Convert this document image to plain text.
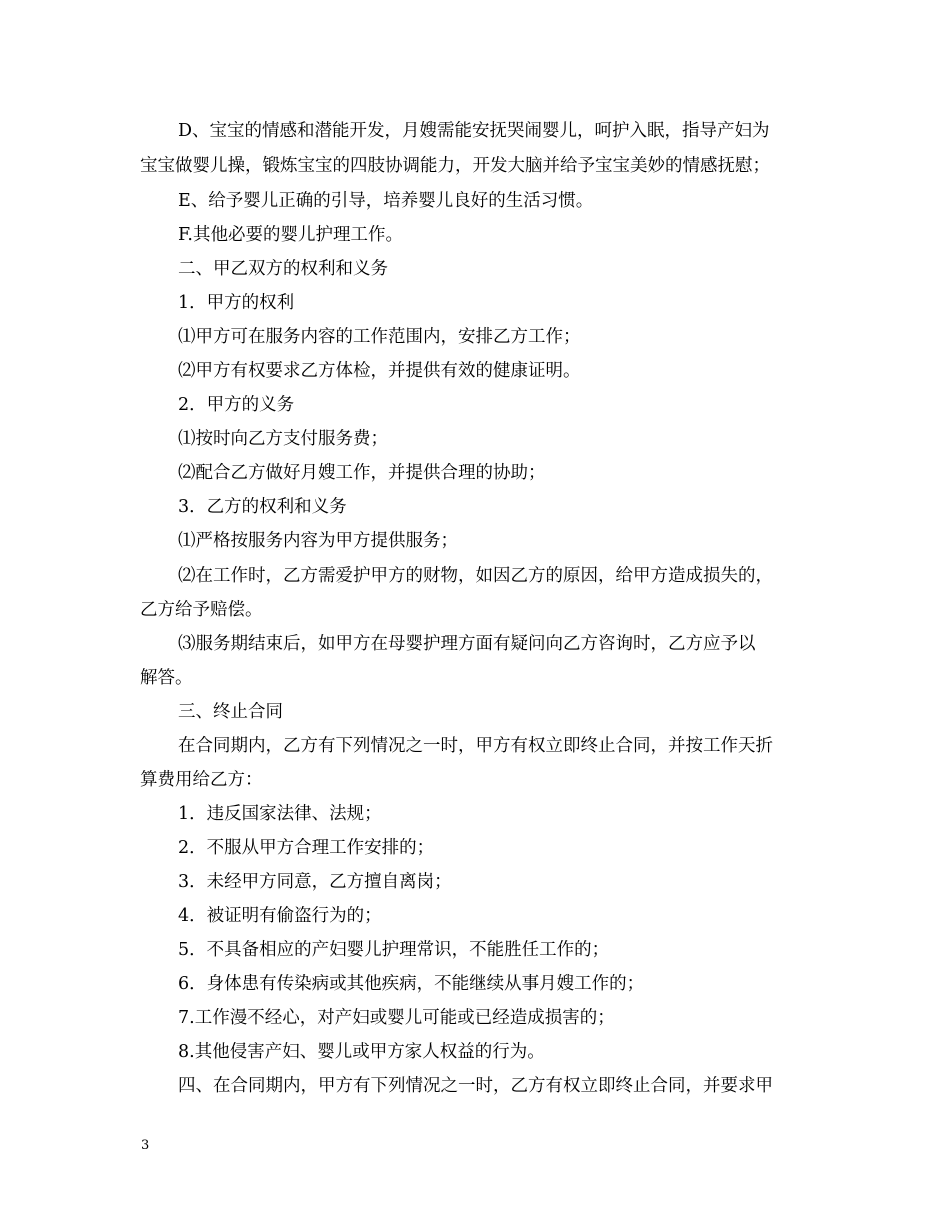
D、宝宝的情感和潜能开发，月嫂需能安抚哭闹婴儿，呵护入眠，指导产妇为
宝宝做婴儿操，锻炼宝宝的四肢协调能力，开发大脑并给予宝宝美妙的情感抚慰；
E、给予婴儿正确的引导，培养婴儿良好的生活习惯。
F.其他必要的婴儿护理工作。
二、甲乙双方的权利和义务
1．甲方的权利
⑴甲方可在服务内容的工作范围内，安排乙方工作；
⑵甲方有权要求乙方体检，并提供有效的健康证明。
2．甲方的义务
⑴按时向乙方支付服务费；
⑵配合乙方做好月嫂工作，并提供合理的协助；
3．乙方的权利和义务
⑴严格按服务内容为甲方提供服务；
⑵在工作时，乙方需爱护甲方的财物，如因乙方的原因，给甲方造成损失的，
乙方给予赔偿。
⑶服务期结束后，如甲方在母婴护理方面有疑问向乙方咨询时，乙方应予以
解答。
三、终止合同
在合同期内，乙方有下列情况之一时，甲方有权立即终止合同，并按工作天折
算费用给乙方：
1．违反国家法律、法规；
2．不服从甲方合理工作安排的；
3．未经甲方同意，乙方擅自离岗；
4．被证明有偷盗行为的；
5．不具备相应的产妇婴儿护理常识，不能胜任工作的；
6．身体患有传染病或其他疾病，不能继续从事月嫂工作的；
7.工作漫不经心，对产妇或婴儿可能或已经造成损害的；
8.其他侵害产妇、婴儿或甲方家人权益的行为。
四、在合同期内，甲方有下列情况之一时，乙方有权立即终止合同，并要求甲
3
